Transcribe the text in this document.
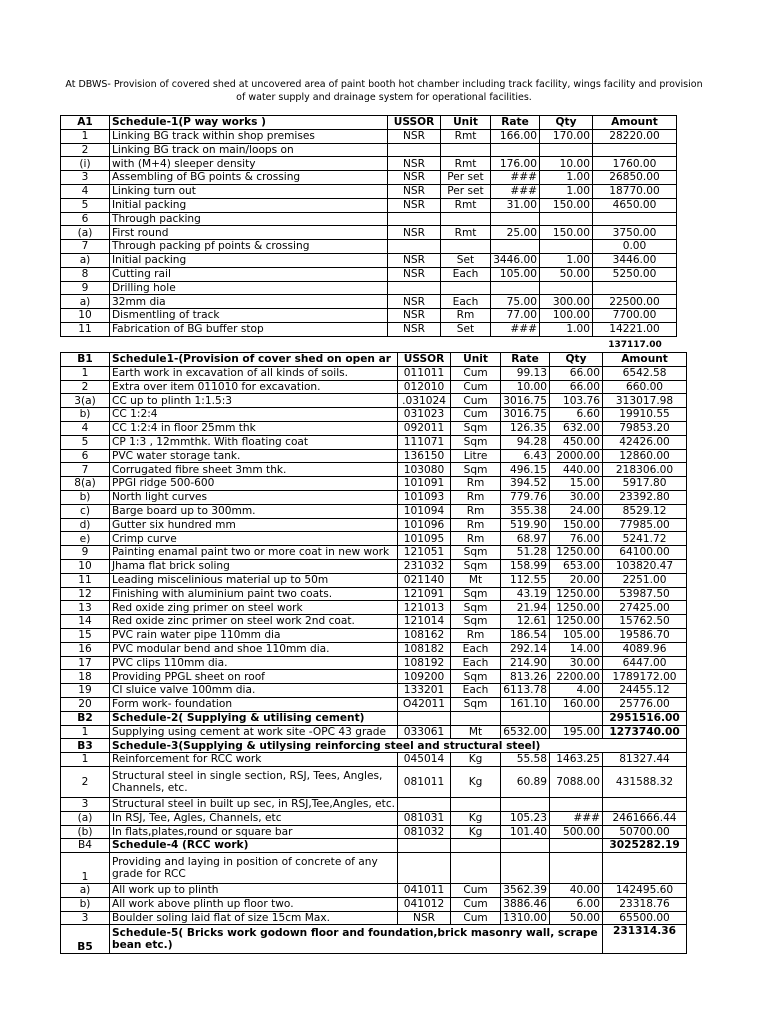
At DBWS- Provision of covered shed at uncovered area of paint booth hot chamber including track facility, wings facility and provision of water supply and drainage system for operational facilities.
A1	Schedule-1(P way works )	USSOR	Unit	Rate	Qty	Amount
1	Linking BG track within shop premises	NSR	Rmt	166.00	170.00	28220.00
2	Linking BG track on main/loops on					
(i)	with (M+4) sleeper density	NSR	Rmt	176.00	10.00	1760.00
3	Assembling of BG points & crossing	NSR	Per set	###	1.00	26850.00
4	Linking turn out	NSR	Per set	###	1.00	18770.00
5	Initial packing	NSR	Rmt	31.00	150.00	4650.00
6	Through packing					
(a)	First round	NSR	Rmt	25.00	150.00	3750.00
7	Through packing pf points & crossing					0.00
a)	Initial packing	NSR	Set	3446.00	1.00	3446.00
8	Cutting rail	NSR	Each	105.00	50.00	5250.00
9	Drilling hole					
a)	32mm dia	NSR	Each	75.00	300.00	22500.00
10	Dismentling of track	NSR	Rm	77.00	100.00	7700.00
11	Fabrication of BG buffer stop	NSR	Set	###	1.00	14221.00
137117.00
B1	Schedule1-(Provision of cover shed on open ar	USSOR	Unit	Rate	Qty	Amount
1	Earth work in excavation of all kinds of soils.	011011	Cum	99.13	66.00	6542.58
2	Extra over item 011010 for excavation.	012010	Cum	10.00	66.00	660.00
3(a)	CC up to plinth 1:1.5:3	.031024	Cum	3016.75	103.76	313017.98
b)	CC 1:2:4	031023	Cum	3016.75	6.60	19910.55
4	CC 1:2:4 in floor 25mm thk	092011	Sqm	126.35	632.00	79853.20
5	CP 1:3 , 12mmthk. With floating coat	111071	Sqm	94.28	450.00	42426.00
6	PVC water storage tank.	136150	Litre	6.43	2000.00	12860.00
7	Corrugated fibre sheet 3mm thk.	103080	Sqm	496.15	440.00	218306.00
8(a)	PPGI ridge 500-600	101091	Rm	394.52	15.00	5917.80
b)	North light curves	101093	Rm	779.76	30.00	23392.80
c)	Barge board up to 300mm.	101094	Rm	355.38	24.00	8529.12
d)	Gutter six hundred mm	101096	Rm	519.90	150.00	77985.00
e)	Crimp curve	101095	Rm	68.97	76.00	5241.72
9	Painting enamal paint two or more coat in new work	121051	Sqm	51.28	1250.00	64100.00
10	Jhama flat brick soling	231032	Sqm	158.99	653.00	103820.47
11	Leading miscelinious material up to 50m	021140	Mt	112.55	20.00	2251.00
12	Finishing with aluminium paint two coats.	121091	Sqm	43.19	1250.00	53987.50
13	Red oxide zing primer on steel work	121013	Sqm	21.94	1250.00	27425.00
14	Red oxide zinc primer on steel work 2nd coat.	121014	Sqm	12.61	1250.00	15762.50
15	PVC rain water pipe 110mm dia	108162	Rm	186.54	105.00	19586.70
16	PVC modular bend and shoe 110mm dia.	108182	Each	292.14	14.00	4089.96
17	PVC clips 110mm dia.	108192	Each	214.90	30.00	6447.00
18	Providing PPGL sheet on roof	109200	Sqm	813.26	2200.00	1789172.00
19	CI sluice valve 100mm dia.	133201	Each	6113.78	4.00	24455.12
20	Form work- foundation	O42011	Sqm	161.10	160.00	25776.00
B2	Schedule-2( Supplying & utilising cement)					2951516.00
1	Supplying using cement at work site -OPC 43 grade	033061	Mt	6532.00	195.00	1273740.00
B3	Schedule-3(Supplying & utilysing reinforcing steel and structural steel)					
1	Reinforcement for RCC work	045014	Kg	55.58	1463.25	81327.44
2	Structural steel in single section, RSJ, Tees, Angles, Channels, etc.	081011	Kg	60.89	7088.00	431588.32
3	Structural steel in built up sec, in RSJ,Tee,Angles, etc.					
(a)	In RSJ, Tee, Agles, Channels, etc	081031	Kg	105.23	###	2461666.44
(b)	In flats,plates,round or square bar	081032	Kg	101.40	500.00	50700.00
B4	Schedule-4 (RCC work)					3025282.19
1	Providing and laying in position of concrete of any grade for RCC					
a)	All work up to plinth	041011	Cum	3562.39	40.00	142495.60
b)	All work above plinth up floor two.	041012	Cum	3886.46	6.00	23318.76
3	Boulder soling laid flat of size 15cm Max.	NSR	Cum	1310.00	50.00	65500.00
B5	Schedule-5( Bricks work godown floor and foundation,brick masonry wall, scrape bean etc.)					231314.36
